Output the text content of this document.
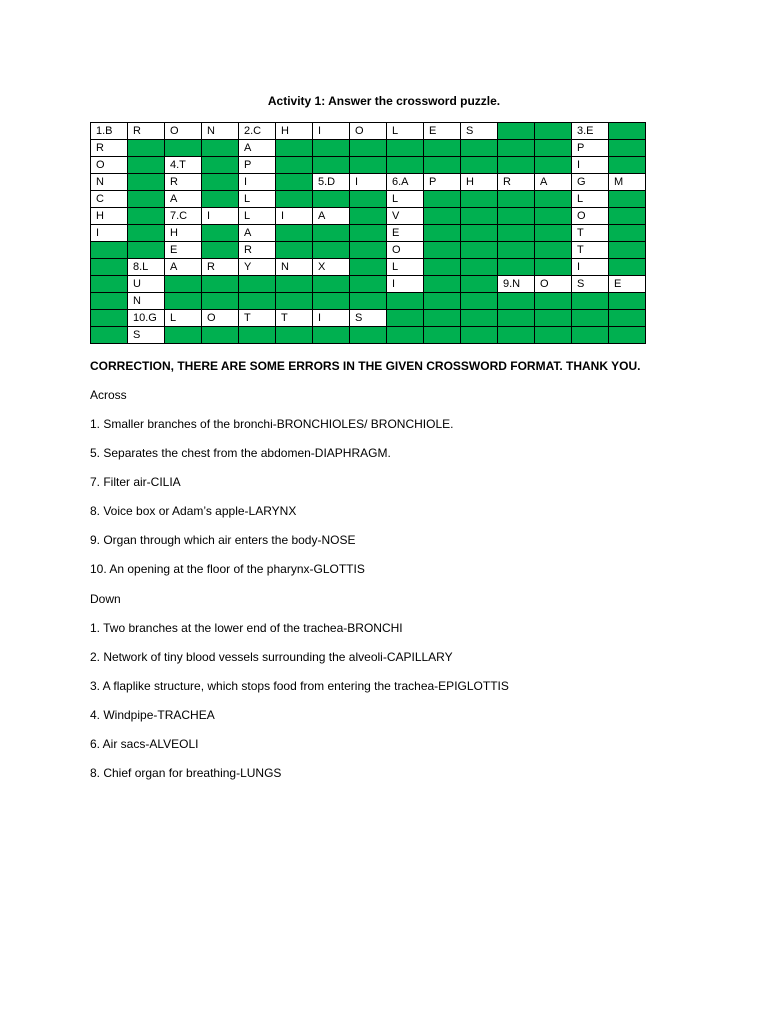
Activity 1: Answer the crossword puzzle.
1.B	R	O	N	2.C	H	I	O	L	E	S			3.E	
R				A									P	
O		4.T		P									I	
N		R		I		5.D	I	6.A	P	H	R	A	G	M
C		A		L				L					L	
H		7.C	I	L	I	A		V					O	
I		H		A				E					T	
		E		R				O					T	
	8.L	A	R	Y	N	X		L					I	
	U							I			9.N	O	S	E
	N													
	10.G	L	O	T	T	I	S							
	S													
CORRECTION, THERE ARE SOME ERRORS IN THE GIVEN CROSSWORD FORMAT. THANK YOU.
Across
1. Smaller branches of the bronchi-BRONCHIOLES/ BRONCHIOLE.
5. Separates the chest from the abdomen-DIAPHRAGM.
7. Filter air-CILIA
8. Voice box or Adam’s apple-LARYNX
9. Organ through which air enters the body-NOSE
10. An opening at the floor of the pharynx-GLOTTIS
Down
1. Two branches at the lower end of the trachea-BRONCHI
2. Network of tiny blood vessels surrounding the alveoli-CAPILLARY
3. A flaplike structure, which stops food from entering the trachea-EPIGLOTTIS
4. Windpipe-TRACHEA
6. Air sacs-ALVEOLI
8. Chief organ for breathing-LUNGS
